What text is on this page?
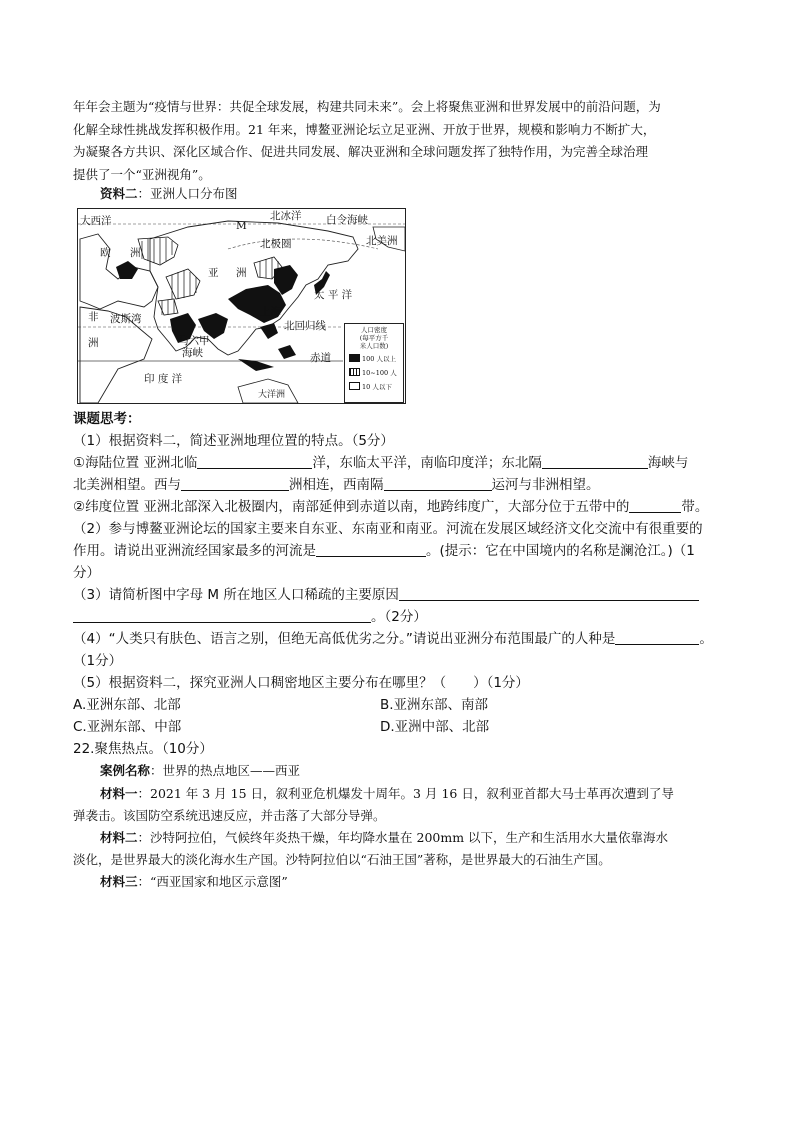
年年会主题为“疫情与世界：共促全球发展，构建共同未来”。会上将聚焦亚洲和世界发展中的前沿问题，为
化解全球性挑战发挥积极作用。21 年来，博鳌亚洲论坛立足亚洲、开放于世界，规模和影响力不断扩大，
为凝聚各方共识、深化区域合作、促进共同发展、解决亚洲和全球问题发挥了独特作用，为完善全球治理
提供了一个“亚洲视角”。
资料二：亚洲人口分布图
大西洋	M
北冰洋 白令海峡
北美洲
欧 洲
北极圈
亚 洲
太 平 洋
非
洲
波斯湾
上海
北回归线
马六甲
海峡	赤道
印 度 洋
大洋洲
人口密度
(每平方千
米人口数)
100 人以上
10~100 人
10 人以下
课题思考：
（1）根据资料二，简述亚洲地理位置的特点。（5分）
①海陆位置 亚洲北临	洋，东临太平洋，南临印度洋；东北隔	海峡与
北美洲相望。西与	洲相连，西南隔	运河与非洲相望。
②纬度位置 亚洲北部深入北极圈内，南部延伸到赤道以南，地跨纬度广，大部分位于五带中的	带。
（2）参与博鳌亚洲论坛的国家主要来自东亚、东南亚和南亚。河流在发展区域经济文化交流中有很重要的
作用。请说出亚洲流经国家最多的河流是	。(提示：它在中国境内的名称是澜沧江。)（1
分）
（3）请简析图中字母 M 所在地区人口稀疏的主要原因
。（2分）
（4）“人类只有肤色、语言之别，但绝无高低优劣之分。”请说出亚洲分布范围最广的人种是	。
（1分）
（5）根据资料二，探究亚洲人口稠密地区主要分布在哪里？（　　）（1分）
A.亚洲东部、北部	B.亚洲东部、南部
C.亚洲东部、中部	D.亚洲中部、北部
22.聚焦热点。（10分）
案例名称：世界的热点地区——西亚
材料一：2021 年 3 月 15 日，叙利亚危机爆发十周年。3 月 16 日，叙利亚首都大马士革再次遭到了导
弹袭击。该国防空系统迅速反应，并击落了大部分导弹。
材料二：沙特阿拉伯，气候终年炎热干燥，年均降水量在 200mm 以下，生产和生活用水大量依靠海水
淡化，是世界最大的淡化海水生产国。沙特阿拉伯以“石油王国”著称，是世界最大的石油生产国。
材料三：“西亚国家和地区示意图”
